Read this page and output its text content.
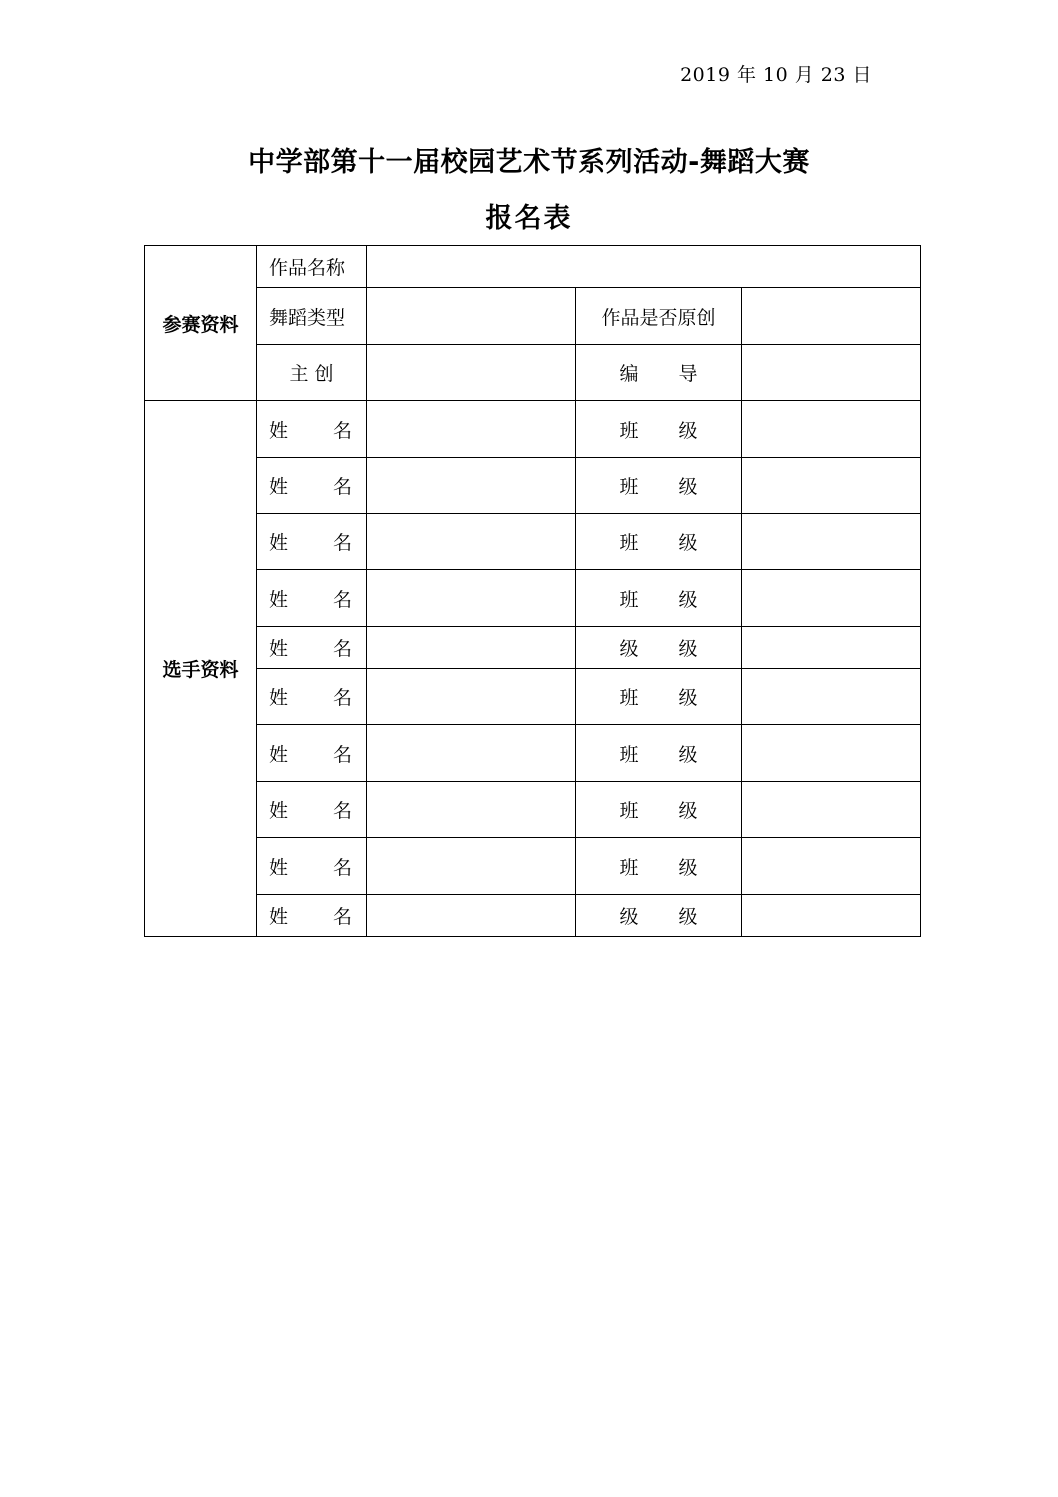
2019 年 10 月 23 日
中学部第十一届校园艺术节系列活动-舞蹈大赛
报名表
参赛资料	作品名称			
	舞蹈类型		作品是否原创	
	主 创		编 导	

选手资料	姓 名		班 级	

	姓 名		班 级	

	姓 名		班 级	

	姓 名		班 级	

	姓 名		级 级	

	姓 名		班 级	

	姓 名		班 级	

	姓 名		班 级	

	姓 名		班 级	

	姓 名		级 级	
